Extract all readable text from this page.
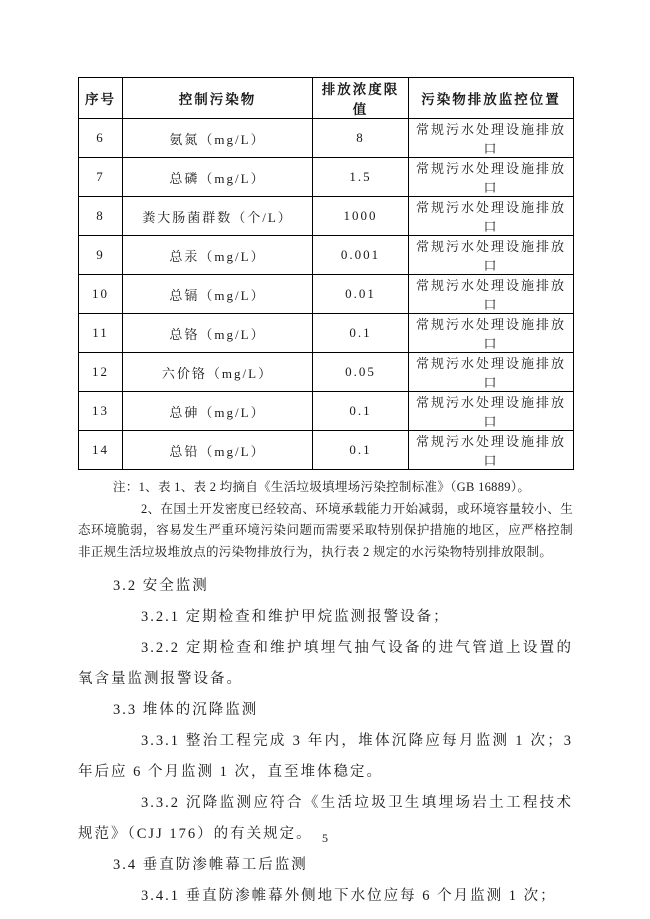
序号	控制污染物	排放浓度限值	污染物排放监控位置
6	氨氮（mg/L）	8	常规污水处理设施排放口
7	总磷（mg/L）	1.5	常规污水处理设施排放口
8	粪大肠菌群数（个/L）	1000	常规污水处理设施排放口
9	总汞（mg/L）	0.001	常规污水处理设施排放口
10	总镉（mg/L）	0.01	常规污水处理设施排放口
11	总铬（mg/L）	0.1	常规污水处理设施排放口
12	六价铬（mg/L）	0.05	常规污水处理设施排放口
13	总砷（mg/L）	0.1	常规污水处理设施排放口
14	总铅（mg/L）	0.1	常规污水处理设施排放口

注：1、表 1、表 2 均摘自《生活垃圾填埋场污染控制标准》（GB 16889）。

2、在国土开发密度已经较高、环境承载能力开始减弱，或环境容量较小、生态环境脆弱，容易发生严重环境污染问题而需要采取特别保护措施的地区，应严格控制非正规生活垃圾堆放点的污染物排放行为，执行表 2 规定的水污染物特别排放限制。

3.2 安全监测

3.2.1 定期检查和维护甲烷监测报警设备；

3.2.2 定期检查和维护填埋气抽气设备的进气管道上设置的氧含量监测报警设备。

3.3 堆体的沉降监测

3.3.1 整治工程完成 3 年内，堆体沉降应每月监测 1 次；3 年后应 6 个月监测 1 次，直至堆体稳定。

3.3.2 沉降监测应符合《生活垃圾卫生填埋场岩土工程技术规范》（CJJ 176）的有关规定。

3.4 垂直防渗帷幕工后监测

3.4.1 垂直防渗帷幕外侧地下水位应每 6 个月监测 1 次；

5
